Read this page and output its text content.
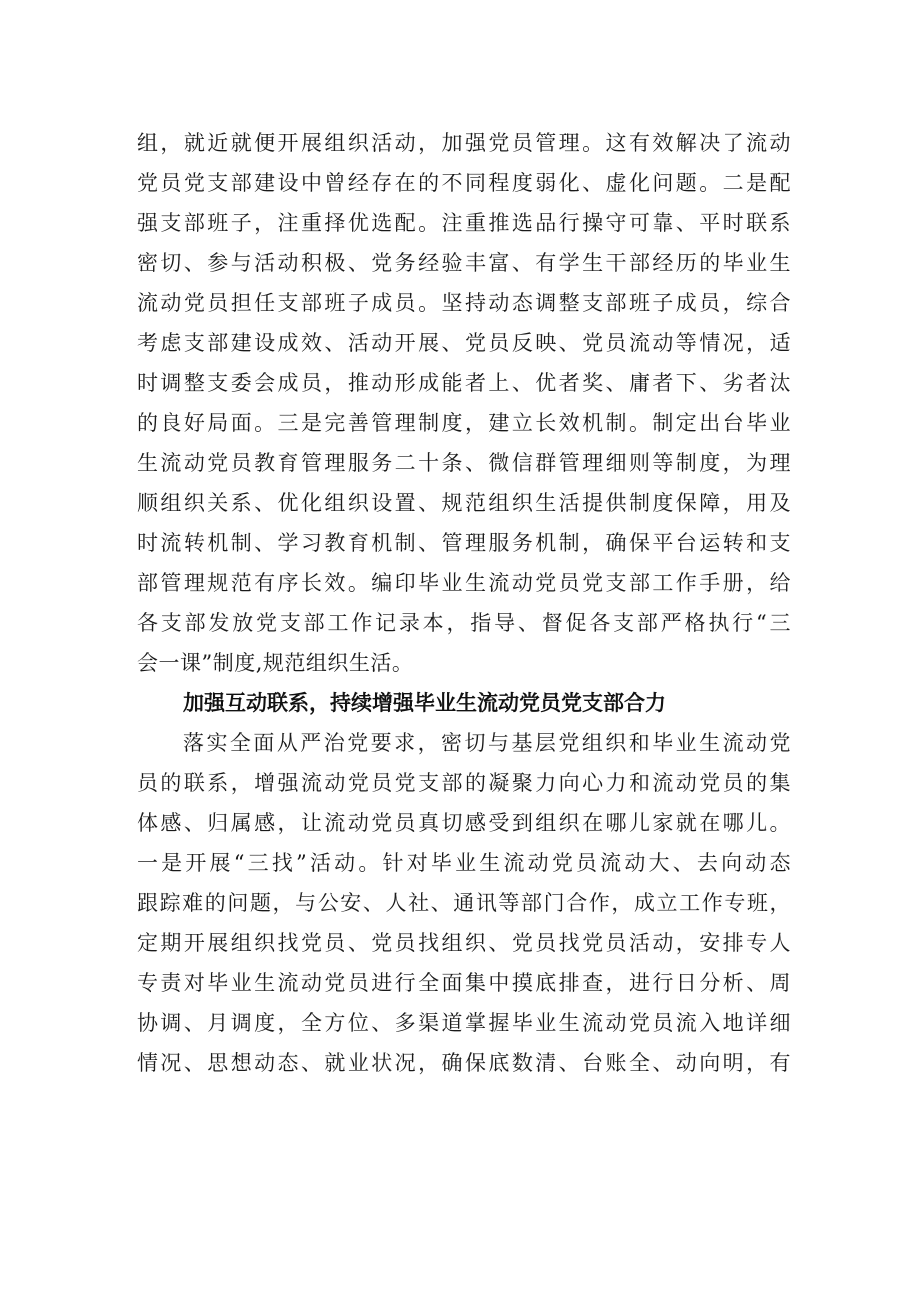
组，就近就便开展组织活动，加强党员管理。这有效解决了流动
党员党支部建设中曾经存在的不同程度弱化、虚化问题。二是配
强支部班子，注重择优选配。注重推选品行操守可靠、平时联系
密切、参与活动积极、党务经验丰富、有学生干部经历的毕业生
流动党员担任支部班子成员。坚持动态调整支部班子成员，综合
考虑支部建设成效、活动开展、党员反映、党员流动等情况，适
时调整支委会成员，推动形成能者上、优者奖、庸者下、劣者汰
的良好局面。三是完善管理制度，建立长效机制。制定出台毕业
生流动党员教育管理服务二十条、微信群管理细则等制度，为理
顺组织关系、优化组织设置、规范组织生活提供制度保障，用及
时流转机制、学习教育机制、管理服务机制，确保平台运转和支
部管理规范有序长效。编印毕业生流动党员党支部工作手册，给
各支部发放党支部工作记录本，指导、督促各支部严格执行“三
会一课”制度,规范组织生活。
加强互动联系，持续增强毕业生流动党员党支部合力
落实全面从严治党要求，密切与基层党组织和毕业生流动党
员的联系，增强流动党员党支部的凝聚力向心力和流动党员的集
体感、归属感，让流动党员真切感受到组织在哪儿家就在哪儿。
一是开展“三找”活动。针对毕业生流动党员流动大、去向动态
跟踪难的问题，与公安、人社、通讯等部门合作，成立工作专班，
定期开展组织找党员、党员找组织、党员找党员活动，安排专人
专责对毕业生流动党员进行全面集中摸底排查，进行日分析、周
协调、月调度，全方位、多渠道掌握毕业生流动党员流入地详细
情况、思想动态、就业状况，确保底数清、台账全、动向明，有
